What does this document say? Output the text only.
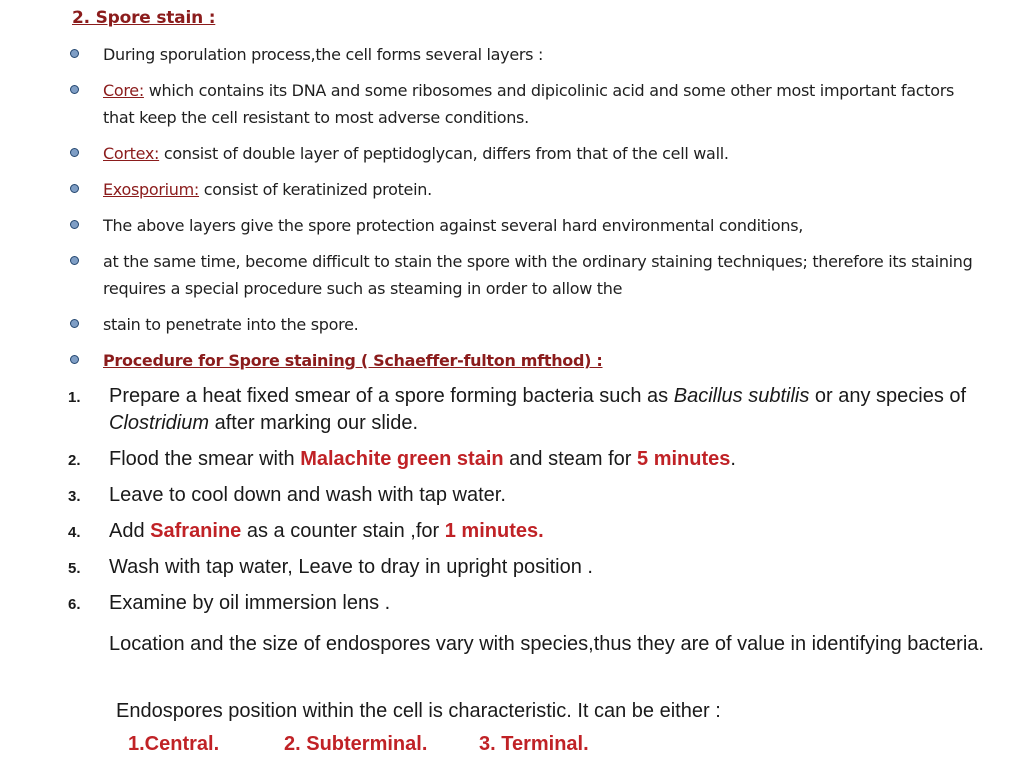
2. Spore stain :
During sporulation process,the cell forms several layers :
Core: which contains its DNA and some ribosomes and dipicolinic acid and some other most important factors that keep the cell resistant to most adverse conditions.
Cortex: consist of double layer of peptidoglycan, differs from that of the cell wall.
Exosporium: consist of keratinized protein.
The above layers give the spore protection against several hard environmental conditions,
at the same time, become difficult to stain the spore with the ordinary staining techniques; therefore its staining requires a special procedure such as steaming in order to allow the
stain to penetrate into the spore.
Procedure for Spore staining ( Schaeffer-fulton mfthod) :
1. Prepare a heat fixed smear of a spore forming bacteria such as Bacillus subtilis or any species of Clostridium after marking our slide.
2. Flood the smear with Malachite green stain and steam for 5 minutes.
3. Leave to cool down and wash with tap water.
4. Add Safranine as a counter stain ,for 1 minutes.
5. Wash with tap water, Leave to dray in upright position .
6. Examine by oil immersion lens .
Location and the size of endospores vary with species,thus they are of value in identifying bacteria.
Endospores position within the cell is characteristic. It can be either :
1.Central.	2. Subterminal.	3. Terminal.
